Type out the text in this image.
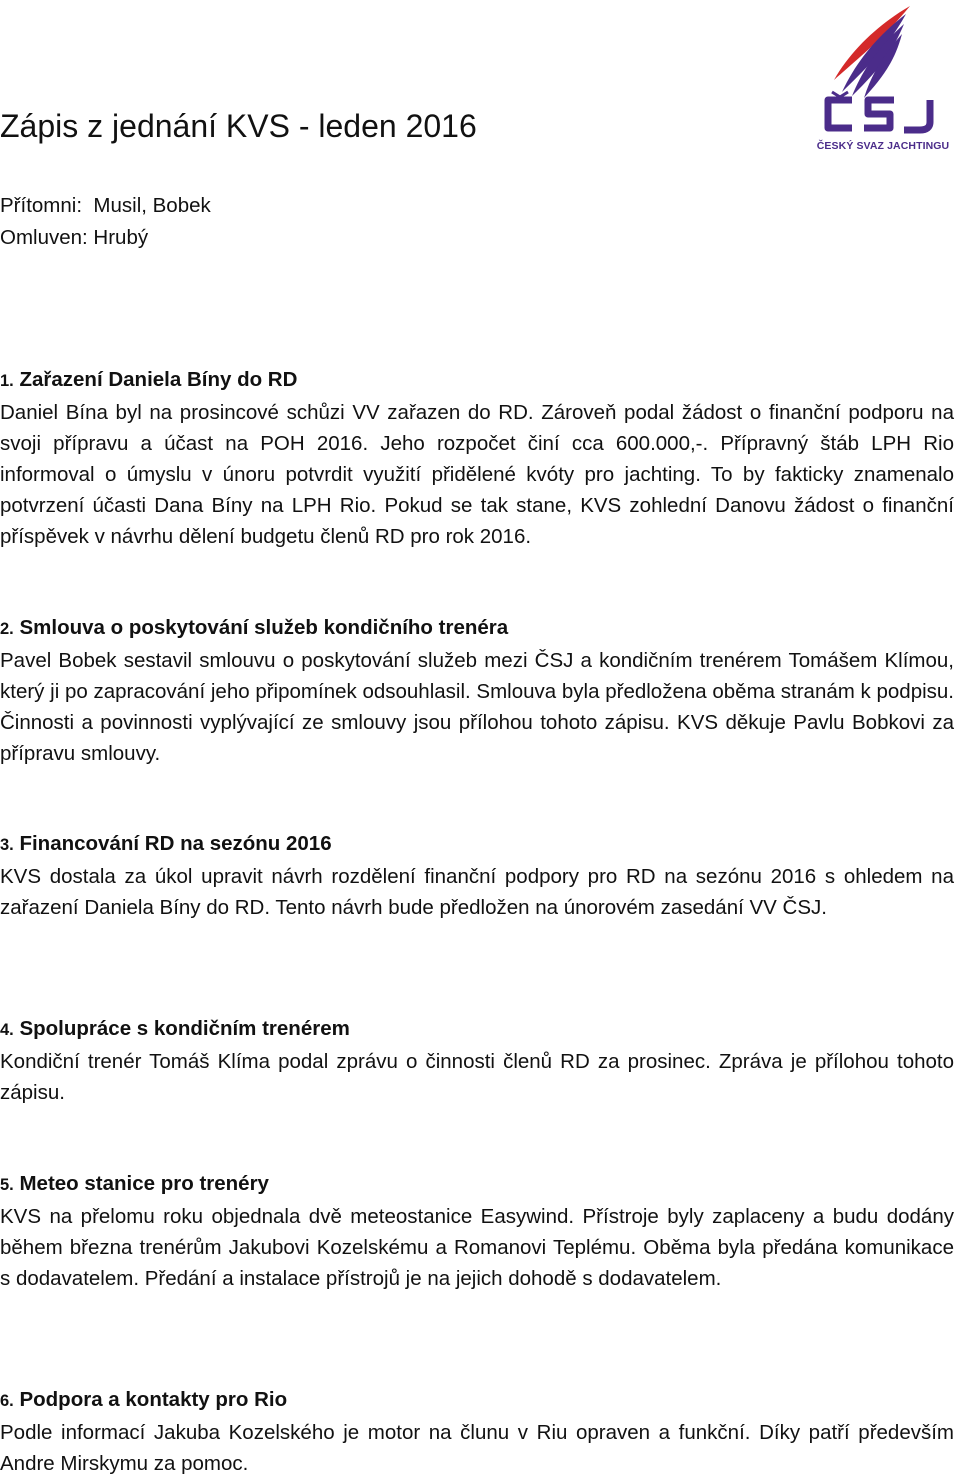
ČESKÝ SVAZ JACHTINGU
Zápis z jednání KVS - leden 2016
Přítomni:  Musil, Bobek
Omluven: Hrubý
1. Zařazení Daniela Bíny do RD

Daniel Bína byl na prosincové schůzi VV zařazen do RD. Zároveň podal žádost o finanční podporu na svoji přípravu a účast na POH 2016. Jeho rozpočet činí cca 600.000,-. Přípravný štáb LPH Rio informoval o úmyslu v únoru potvrdit využití přidělené kvóty pro jachting. To by fakticky znamenalo potvrzení účasti Dana Bíny na LPH Rio. Pokud se tak stane, KVS zohlední Danovu žádost o finanční příspěvek v návrhu dělení budgetu členů RD pro rok 2016.

2. Smlouva o poskytování služeb kondičního trenéra

Pavel Bobek sestavil smlouvu o poskytování služeb mezi ČSJ a kondičním trenérem Tomášem Klímou, který ji po zapracování jeho připomínek odsouhlasil. Smlouva byla předložena oběma stranám k podpisu. Činnosti a povinnosti vyplývající ze smlouvy jsou přílohou tohoto zápisu. KVS děkuje Pavlu Bobkovi za přípravu smlouvy.

3. Financování RD na sezónu 2016

KVS dostala za úkol upravit návrh rozdělení finanční podpory pro RD na sezónu 2016 s ohledem na zařazení Daniela Bíny do RD. Tento návrh bude předložen na únorovém zasedání VV ČSJ.

4. Spolupráce s kondičním trenérem

Kondiční trenér Tomáš Klíma podal zprávu o činnosti členů RD za prosinec. Zpráva je přílohou tohoto zápisu.

5. Meteo stanice pro trenéry

KVS na přelomu roku objednala dvě meteostanice Easywind. Přístroje byly zaplaceny a budu dodány během března trenérům Jakubovi Kozelskému a Romanovi Teplému. Oběma byla předána komunikace s dodavatelem. Předání a instalace přístrojů je na jejich dohodě s dodavatelem.

6. Podpora a kontakty pro Rio

Podle informací Jakuba Kozelského je motor na člunu v Riu opraven a funkční. Díky patří především Andre Mirskymu za pomoc.
